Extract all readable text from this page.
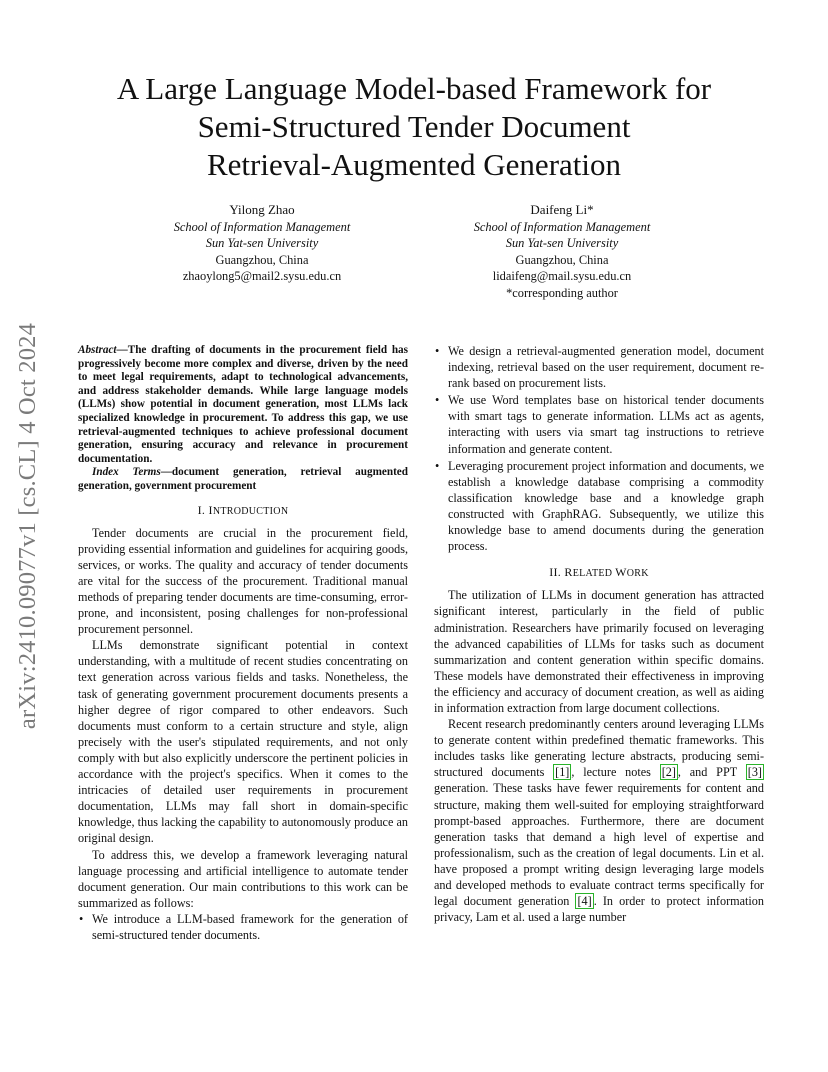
arXiv:2410.09077v1 [cs.CL] 4 Oct 2024
A Large Language Model-based Framework for
Semi-Structured Tender Document
Retrieval-Augmented Generation
Yilong Zhao
School of Information Management
Sun Yat-sen University
Guangzhou, China
zhaoylong5@mail2.sysu.edu.cn
Daifeng Li*
School of Information Management
Sun Yat-sen University
Guangzhou, China
lidaifeng@mail.sysu.edu.cn
*corresponding author

Abstract—The drafting of documents in the procurement field has progressively become more complex and diverse, driven by the need to meet legal requirements, adapt to technological advancements, and address stakeholder demands. While large language models (LLMs) show potential in document generation, most LLMs lack specialized knowledge in procurement. To address this gap, we use retrieval-augmented techniques to achieve professional document generation, ensuring accuracy and relevance in procurement documentation.

Index Terms—document generation, retrieval augmented generation, government procurement

I. INTRODUCTION

Tender documents are crucial in the procurement field, providing essential information and guidelines for acquiring goods, services, or works. The quality and accuracy of tender documents are vital for the success of the procurement. Traditional manual methods of preparing tender documents are time-consuming, error-prone, and inconsistent, posing challenges for non-professional procurement personnel.

LLMs demonstrate significant potential in context understanding, with a multitude of recent studies concentrating on text generation across various fields and tasks. Nonetheless, the task of generating government procurement documents presents a higher degree of rigor compared to other endeavors. Such documents must conform to a certain structure and style, align precisely with the user's stipulated requirements, and not only comply with but also explicitly underscore the pertinent policies in accordance with the project's specifics. When it comes to the intricacies of detailed user requirements in procurement documentation, LLMs may fall short in domain-specific knowledge, thus lacking the capability to autonomously produce an original design.

To address this, we develop a framework leveraging natural language processing and artificial intelligence to automate tender document generation. Our main contributions to this work can be summarized as follows:

• We introduce a LLM-based framework for the generation of semi-structured tender documents.
• We design a retrieval-augmented generation model, document indexing, retrieval based on the user requirement, document re-rank based on procurement lists.
• We use Word templates base on historical tender documents with smart tags to generate information. LLMs act as agents, interacting with users via smart tag instructions to retrieve information and generate content.
• Leveraging procurement project information and documents, we establish a knowledge database comprising a commodity classification knowledge base and a knowledge graph constructed with GraphRAG. Subsequently, we utilize this knowledge base to amend documents during the generation process.
II. RELATED WORK

The utilization of LLMs in document generation has attracted significant interest, particularly in the field of public administration. Researchers have primarily focused on leveraging the advanced capabilities of LLMs for tasks such as document summarization and content generation within specific domains. These models have demonstrated their effectiveness in improving the efficiency and accuracy of document creation, as well as aiding in information extraction from large document collections.

Recent research predominantly centers around leveraging LLMs to generate content within predefined thematic frameworks. This includes tasks like generating lecture abstracts, producing semi-structured documents [1] , lecture notes [2] , and PPT [3] generation. These tasks have fewer requirements for content and structure, making them well-suited for employing straightforward prompt-based approaches. Furthermore, there are document generation tasks that demand a high level of expertise and professionalism, such as the creation of legal documents. Lin et al. have proposed a prompt writing design leveraging large models and developed methods to evaluate contract terms specifically for legal document generation [4] . In order to protect information privacy, Lam et al. used a large number
